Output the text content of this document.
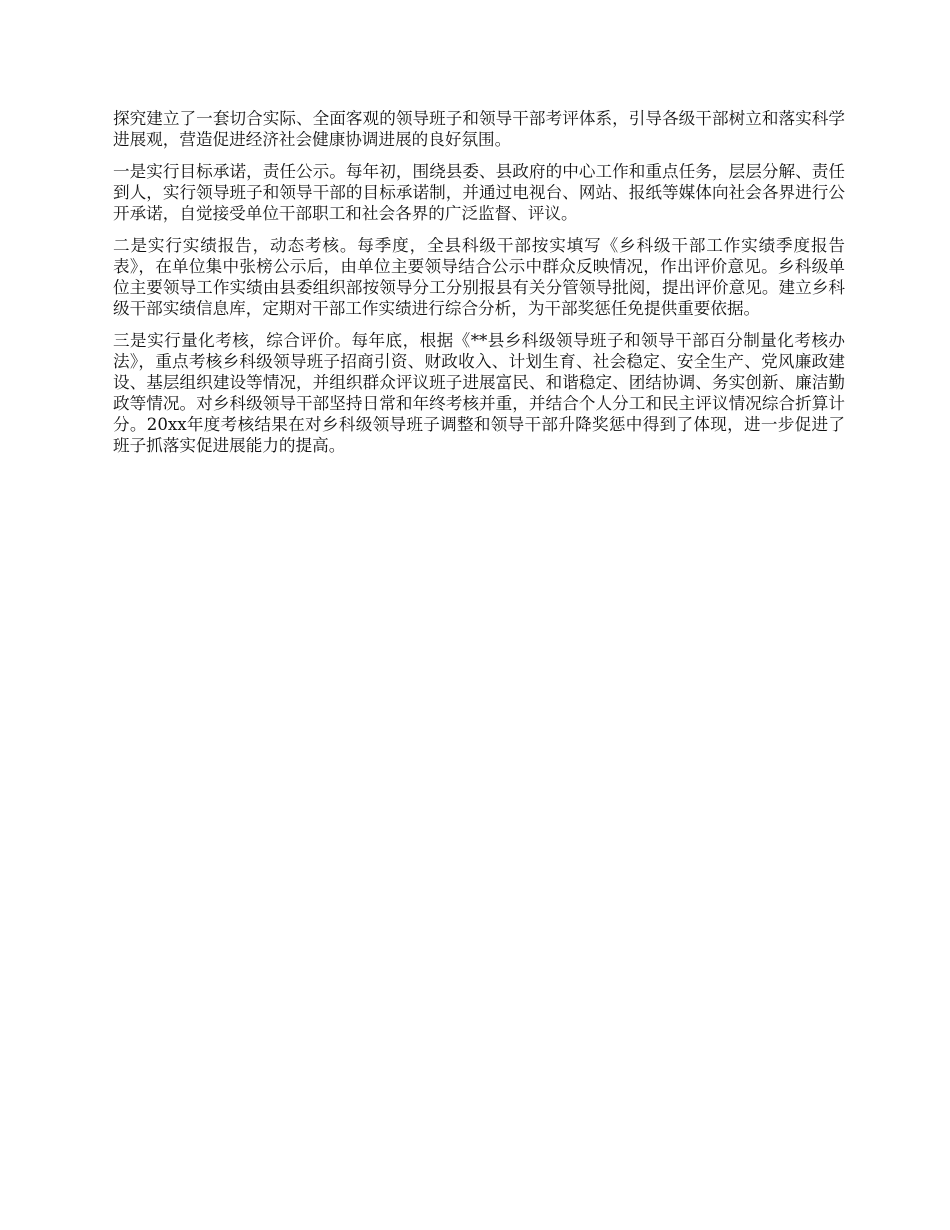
探究建立了一套切合实际、全面客观的领导班子和领导干部考评体系，引导各级干部树立和落实科学进展观，营造促进经济社会健康协调进展的良好氛围。

一是实行目标承诺，责任公示。每年初，围绕县委、县政府的中心工作和重点任务，层层分解、责任到人，实行领导班子和领导干部的目标承诺制，并通过电视台、网站、报纸等媒体向社会各界进行公开承诺，自觉接受单位干部职工和社会各界的广泛监督、评议。

二是实行实绩报告，动态考核。每季度，全县科级干部按实填写《乡科级干部工作实绩季度报告表》，在单位集中张榜公示后，由单位主要领导结合公示中群众反映情况，作出评价意见。乡科级单位主要领导工作实绩由县委组织部按领导分工分别报县有关分管领导批阅，提出评价意见。建立乡科级干部实绩信息库，定期对干部工作实绩进行综合分析，为干部奖惩任免提供重要依据。

三是实行量化考核，综合评价。每年底，根据《**县乡科级领导班子和领导干部百分制量化考核办法》，重点考核乡科级领导班子招商引资、财政收入、计划生育、社会稳定、安全生产、党风廉政建设、基层组织建设等情况，并组织群众评议班子进展富民、和谐稳定、团结协调、务实创新、廉洁勤政等情况。对乡科级领导干部坚持日常和年终考核并重，并结合个人分工和民主评议情况综合折算计分。20xx年度考核结果在对乡科级领导班子调整和领导干部升降奖惩中得到了体现，进一步促进了班子抓落实促进展能力的提高。
